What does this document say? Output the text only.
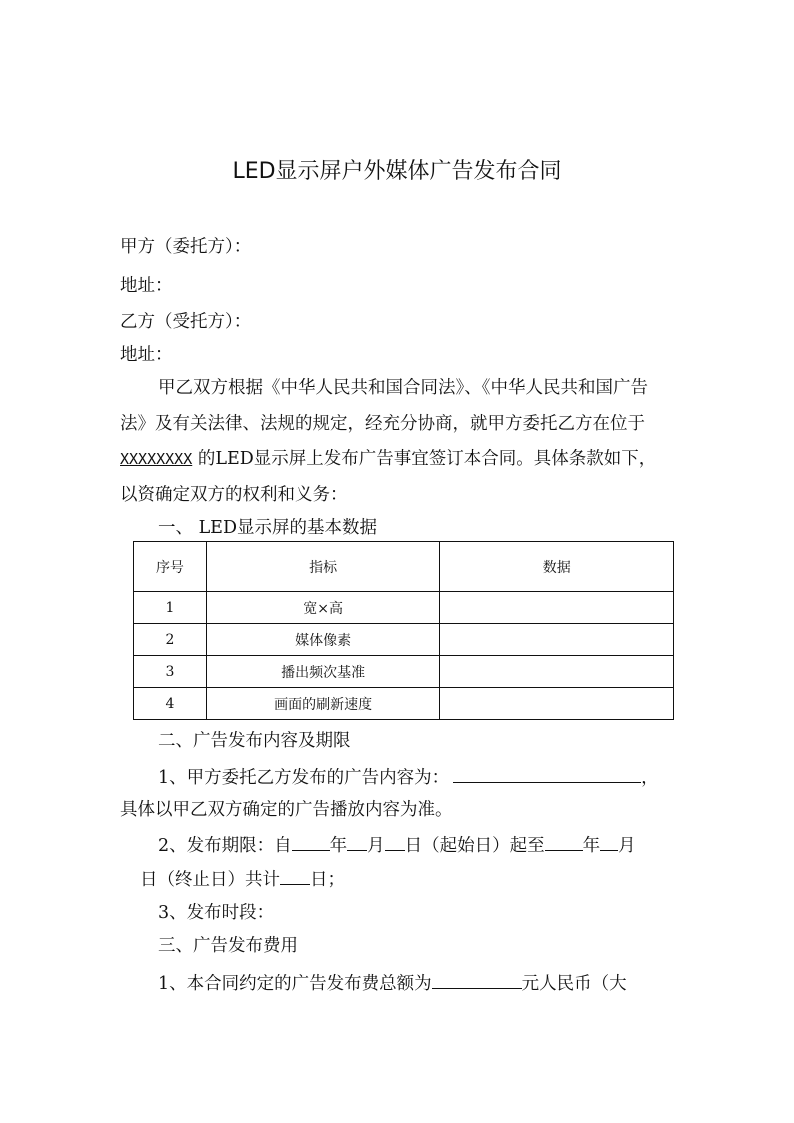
LED显示屏户外媒体广告发布合同
甲方（委托方）：
地址：
乙方（受托方）：
地址：
甲乙双方根据《中华人民共和国合同法》、《中华人民共和国广告
法》及有关法律、法规的规定，经充分协商，就甲方委托乙方在位于
XXXXXXXX 的LED显示屏上发布广告事宜签订本合同。具体条款如下，
以资确定双方的权利和义务：
一、 LED显示屏的基本数据
序号	指标	数据
1	宽×高	
2	媒体像素	
3	播出频次基准	
4	画面的刷新速度	
二、广告发布内容及期限
1、甲方委托乙方发布的广告内容为：	，
具体以甲乙双方确定的广告播放内容为准。
2、发布期限：自 年 月 日（起始日）起至 年 月
日（终止日）共计 日；
3、发布时段：
三、广告发布费用
1、本合同约定的广告发布费总额为	元人民币（大
